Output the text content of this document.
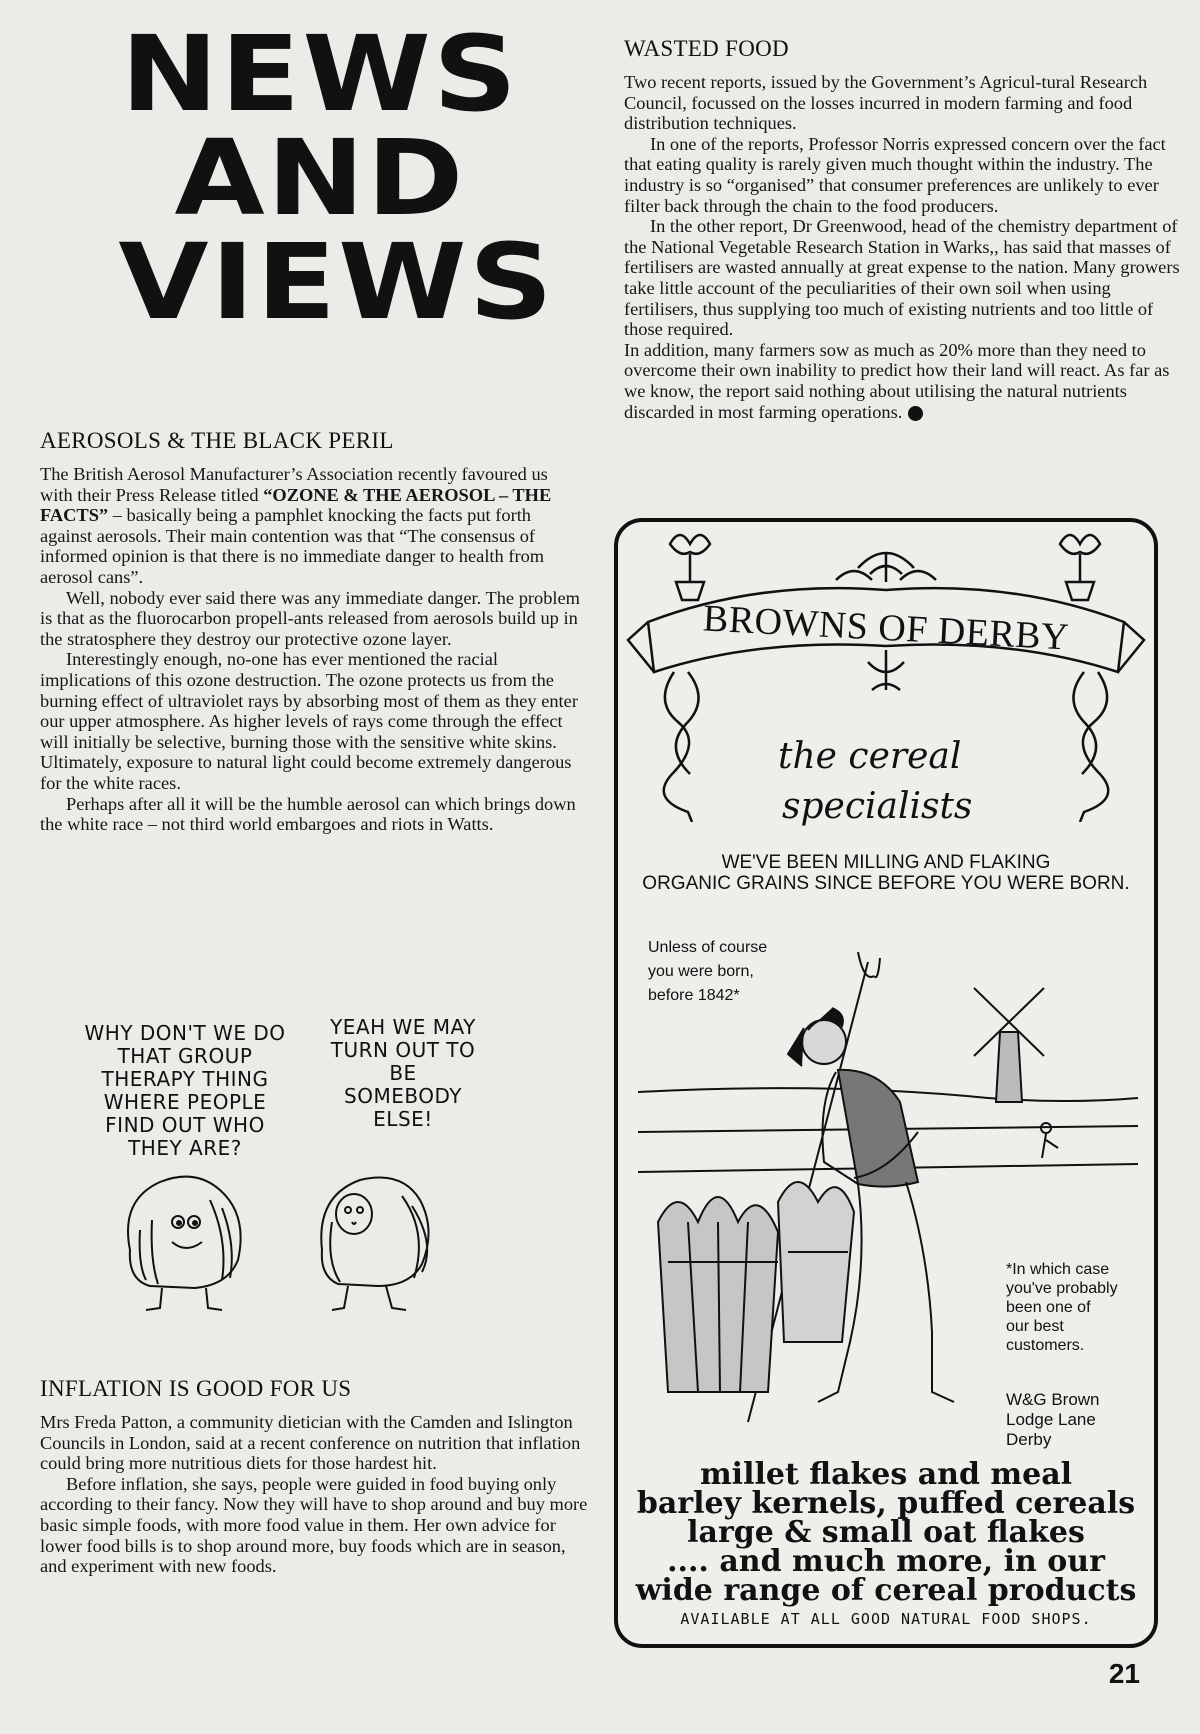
NEWS
AND
VIEWS
AEROSOLS & THE BLACK PERIL

The British Aerosol Manufacturer’s Association recently favoured us with their Press Release titled “OZONE & THE AEROSOL – THE FACTS” – basically being a pamphlet knocking the facts put forth against aerosols. Their main contention was that “The consensus of informed opinion is that there is no immediate danger to health from aerosol cans”.

Well, nobody ever said there was any immediate danger. The problem is that as the fluorocarbon propell-ants released from aerosols build up in the stratosphere they destroy our protective ozone layer.

Interestingly enough, no-one has ever mentioned the racial implications of this ozone destruction. The ozone protects us from the burning effect of ultraviolet rays by absorbing most of them as they enter our upper atmosphere. As higher levels of rays come through the effect will initially be selective, burning those with the sensitive white skins. Ultimately, exposure to natural light could become extremely dangerous for the white races.

Perhaps after all it will be the humble aerosol can which brings down the white race – not third world embargoes and riots in Watts.

WHY DON'T WE DO THAT GROUP THERAPY THING WHERE PEOPLE FIND OUT WHO THEY ARE?
YEAH WE MAY TURN OUT TO BE SOMEBODY ELSE!
INFLATION IS GOOD FOR US

Mrs Freda Patton, a community dietician with the Camden and Islington Councils in London, said at a recent conference on nutrition that inflation could bring more nutritious diets for those hardest hit.

Before inflation, she says, people were guided in food buying only according to their fancy. Now they will have to shop around and buy more basic simple foods, with more food value in them. Her own advice for lower food bills is to shop around more, buy foods which are in season, and experiment with new foods.

WASTED FOOD

Two recent reports, issued by the Government’s Agricul-tural Research Council, focussed on the losses incurred in modern farming and food distribution techniques.

In one of the reports, Professor Norris expressed concern over the fact that eating quality is rarely given much thought within the industry. The industry is so “organised” that consumer preferences are unlikely to ever filter back through the chain to the food producers.

In the other report, Dr Greenwood, head of the chemistry department of the National Vegetable Research Station in Warks,, has said that masses of fertilisers are wasted annually at great expense to the nation. Many growers take little account of the peculiarities of their own soil when using fertilisers, thus supplying too much of existing nutrients and too little of those required.

In addition, many farmers sow as much as 20% more than they need to overcome their own inability to predict how their land will react. As far as we know, the report said nothing about utilising the natural nutrients discarded in most farming operations.

BROWNS OF DERBY
the cereal
specialists
WE'VE BEEN MILLING AND FLAKING
ORGANIC GRAINS SINCE BEFORE YOU WERE BORN.
Unless of course
you were born,
before 1842*
*In which case
you've probably
been one of
our best
customers.
W&G Brown
Lodge Lane
Derby
millet flakes and meal
barley kernels, puffed cereals
large & small oat flakes
.... and much more, in our
wide range of cereal products
AVAILABLE AT ALL GOOD NATURAL FOOD SHOPS.
21
